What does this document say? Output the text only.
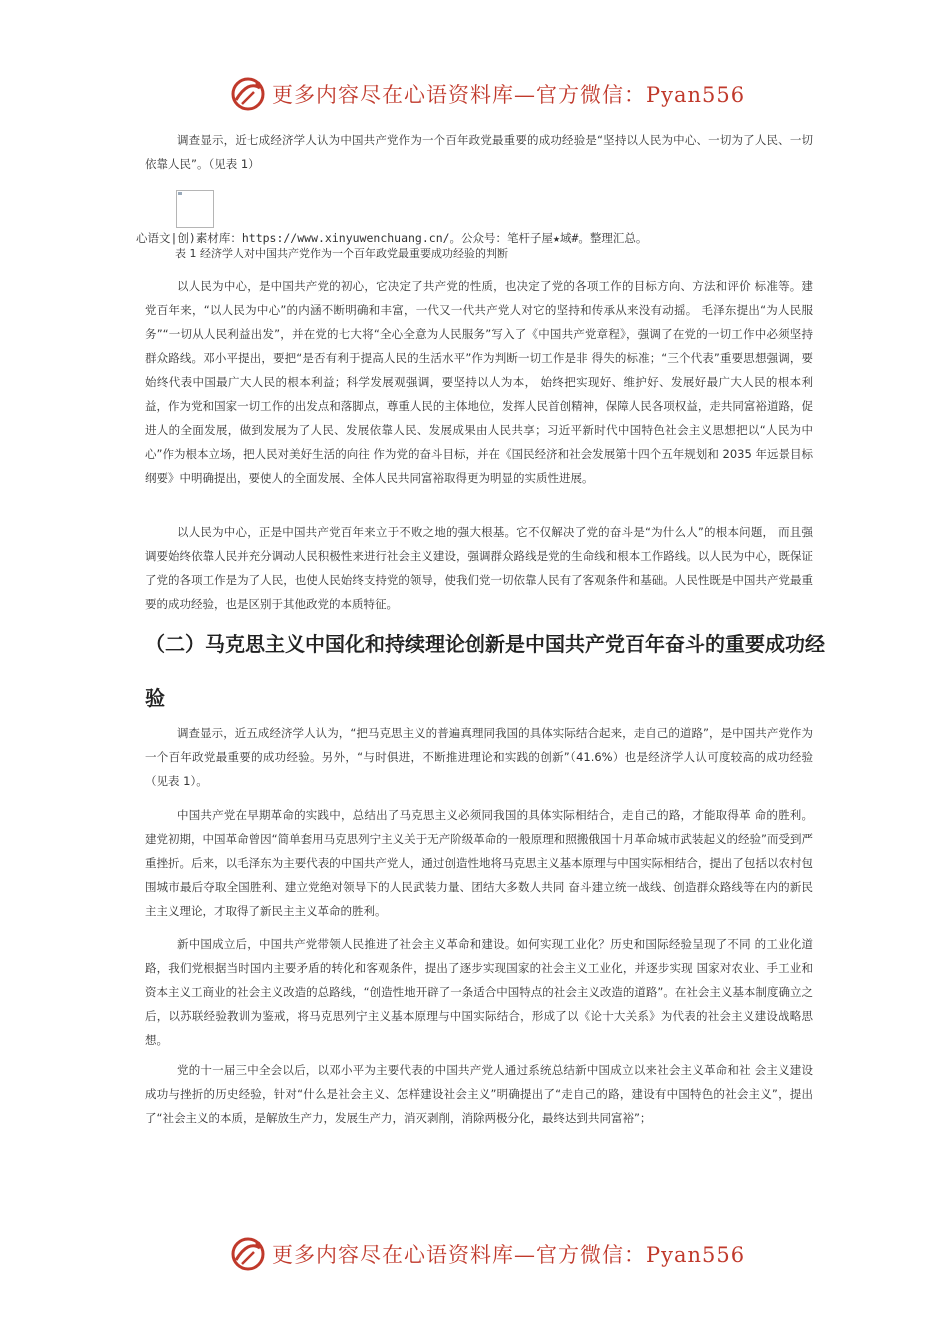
更多内容尽在心语资料库—官方微信：Pyan556

调查显示，近七成经济学人认为中国共产党作为一个百年政党最重要的成功经验是“坚持以人民为中心、一切为了人民、一切依靠人民”。（见表 1）

心语文|创)素材库：https://www.xinyuwenchuang.cn/。公众号：笔杆子屋★域#。整理汇总。
表 1 经济学人对中国共产党作为一个百年政党最重要成功经验的判断

以人民为中心，是中国共产党的初心，它决定了共产党的性质，也决定了党的各项工作的目标方向、方法和评价 标准等。建党百年来，“以人民为中心”的内涵不断明确和丰富，一代又一代共产党人对它的坚持和传承从来没有动摇。 毛泽东提出“为人民服务”“一切从人民利益出发”，并在党的七大将“全心全意为人民服务”写入了《中国共产党章程》，强调了在党的一切工作中必须坚持群众路线。邓小平提出，要把“是否有利于提高人民的生活水平”作为判断一切工作是非 得失的标准；“三个代表”重要思想强调，要始终代表中国最广大人民的根本利益；科学发展观强调，要坚持以人为本， 始终把实现好、维护好、发展好最广大人民的根本利益，作为党和国家一切工作的出发点和落脚点，尊重人民的主体地位，发挥人民首创精神，保障人民各项权益，走共同富裕道路，促进人的全面发展，做到发展为了人民、发展依靠人民、发展成果由人民共享；习近平新时代中国特色社会主义思想把以“人民为中心”作为根本立场，把人民对美好生活的向往 作为党的奋斗目标，并在《国民经济和社会发展第十四个五年规划和 2035 年远景目标纲要》中明确提出，要使人的全面发展、全体人民共同富裕取得更为明显的实质性进展。

以人民为中心，正是中国共产党百年来立于不败之地的强大根基。它不仅解决了党的奋斗是“为什么人”的根本问题， 而且强调要始终依靠人民并充分调动人民积极性来进行社会主义建设，强调群众路线是党的生命线和根本工作路线。以人民为中心，既保证了党的各项工作是为了人民，也使人民始终支持党的领导，使我们党一切依靠人民有了客观条件和基础。人民性既是中国共产党最重要的成功经验，也是区别于其他政党的本质特征。

（二）马克思主义中国化和持续理论创新是中国共产党百年奋斗的重要成功经验

调查显示，近五成经济学人认为，“把马克思主义的普遍真理同我国的具体实际结合起来，走自己的道路”，是中国共产党作为一个百年政党最重要的成功经验。另外，“与时俱进，不断推进理论和实践的创新”（41.6%）也是经济学人认可度较高的成功经验（见表 1）。

中国共产党在早期革命的实践中，总结出了马克思主义必须同我国的具体实际相结合，走自己的路，才能取得革 命的胜利。建党初期，中国革命曾因“简单套用马克思列宁主义关于无产阶级革命的一般原理和照搬俄国十月革命城市武装起义的经验”而受到严重挫折。后来，以毛泽东为主要代表的中国共产党人，通过创造性地将马克思主义基本原理与中国实际相结合，提出了包括以农村包围城市最后夺取全国胜利、建立党绝对领导下的人民武装力量、团结大多数人共同 奋斗建立统一战线、创造群众路线等在内的新民主主义理论，才取得了新民主主义革命的胜利。

新中国成立后，中国共产党带领人民推进了社会主义革命和建设。如何实现工业化？历史和国际经验呈现了不同 的工业化道路，我们党根据当时国内主要矛盾的转化和客观条件，提出了逐步实现国家的社会主义工业化，并逐步实现 国家对农业、手工业和资本主义工商业的社会主义改造的总路线，“创造性地开辟了一条适合中国特点的社会主义改造的道路”。在社会主义基本制度确立之后，以苏联经验教训为鉴戒，将马克思列宁主义基本原理与中国实际结合，形成了以《论十大关系》为代表的社会主义建设战略思想。

党的十一届三中全会以后，以邓小平为主要代表的中国共产党人通过系统总结新中国成立以来社会主义革命和社 会主义建设成功与挫折的历史经验，针对“什么是社会主义、怎样建设社会主义”明确提出了“走自己的路，建设有中国特色的社会主义”，提出了“社会主义的本质，是解放生产力，发展生产力，消灭剥削，消除两极分化，最终达到共同富裕”；

更多内容尽在心语资料库—官方微信：Pyan556
